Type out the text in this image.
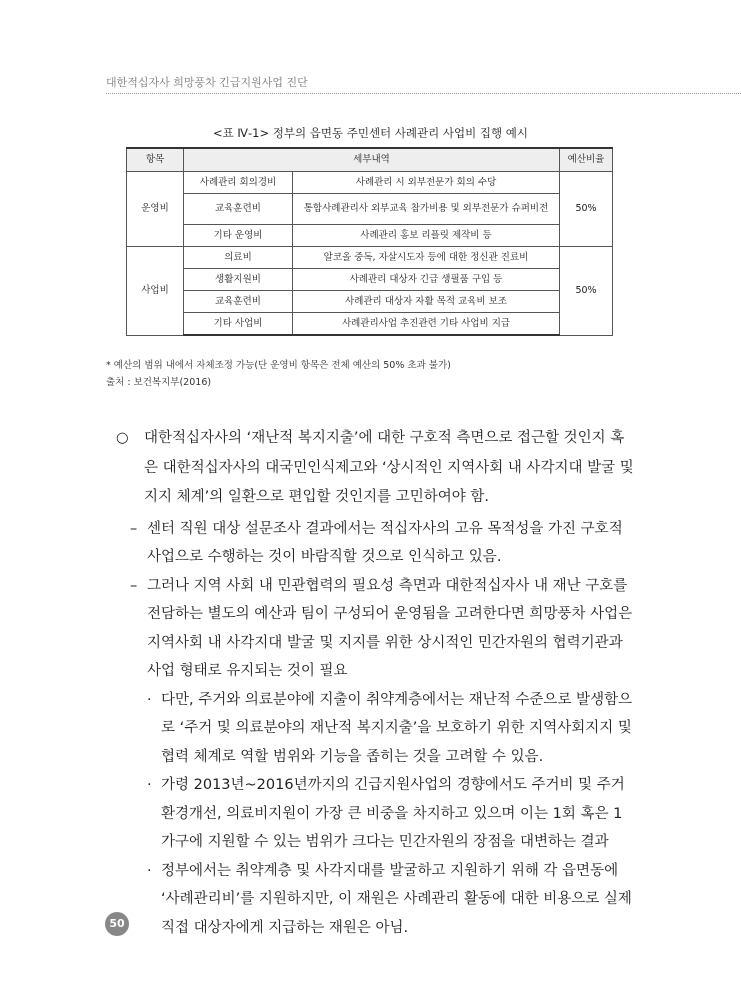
대한적십자사 희망풍차 긴급지원사업 진단
<표 Ⅳ-1> 정부의 읍면동 주민센터 사례관리 사업비 집행 예시
항목	세부내역		예산비율
운영비	사례관리 회의경비	사례관리 시 외부전문가 회의 수당	50%
	교육훈련비	통합사례관리사 외부교육 참가비용 및 외부전문가 슈퍼비전	
	기타 운영비	사례관리 홍보 리플릿 제작비 등	
사업비	의료비	알코올 중독, 자살시도자 등에 대한 정신관 진료비	50%
	생활지원비	사례관리 대상자 긴급 생필품 구입 등	
	교육훈련비	사례관리 대상자 자활 목적 교육비 보조	
	기타 사업비	사례관리사업 추진관련 기타 사업비 지급	
* 예산의 범위 내에서 자체조정 가능(단 운영비 항목은 전체 예산의 50% 초과 불가)
출처 : 보건복지부(2016)

○ 대한적십자사의 ‘재난적 복지지출’에 대한 구호적 측면으로 접근할 것인지 혹은 대한적십자사의 대국민인식제고와 ‘상시적인 지역사회 내 사각지대 발굴 및 지지 체계’의 일환으로 편입할 것인지를 고민하여야 함.

– 센터 직원 대상 설문조사 결과에서는 적십자사의 고유 목적성을 가진 구호적 사업으로 수행하는 것이 바람직할 것으로 인식하고 있음.

– 그러나 지역 사회 내 민관협력의 필요성 측면과 대한적십자사 내 재난 구호를 전담하는 별도의 예산과 팀이 구성되어 운영됨을 고려한다면 희망풍차 사업은 지역사회 내 사각지대 발굴 및 지지를 위한 상시적인 민간자원의 협력기관과 사업 형태로 유지되는 것이 필요

· 다만, 주거와 의료분야에 지출이 취약계층에서는 재난적 수준으로 발생함으로 ‘주거 및 의료분야의 재난적 복지지출’을 보호하기 위한 지역사회지지 및 협력 체계로 역할 범위와 기능을 좁히는 것을 고려할 수 있음.

· 가령 2013년~2016년까지의 긴급지원사업의 경향에서도 주거비 및 주거환경개선, 의료비지원이 가장 큰 비중을 차지하고 있으며 이는 1회 혹은 1가구에 지원할 수 있는 범위가 크다는 민간자원의 장점을 대변하는 결과

· 정부에서는 취약계층 및 사각지대를 발굴하고 지원하기 위해 각 읍면동에 ‘사례관리비’를 지원하지만, 이 재원은 사례관리 활동에 대한 비용으로 실제 직접 대상자에게 지급하는 재원은 아님.

50
